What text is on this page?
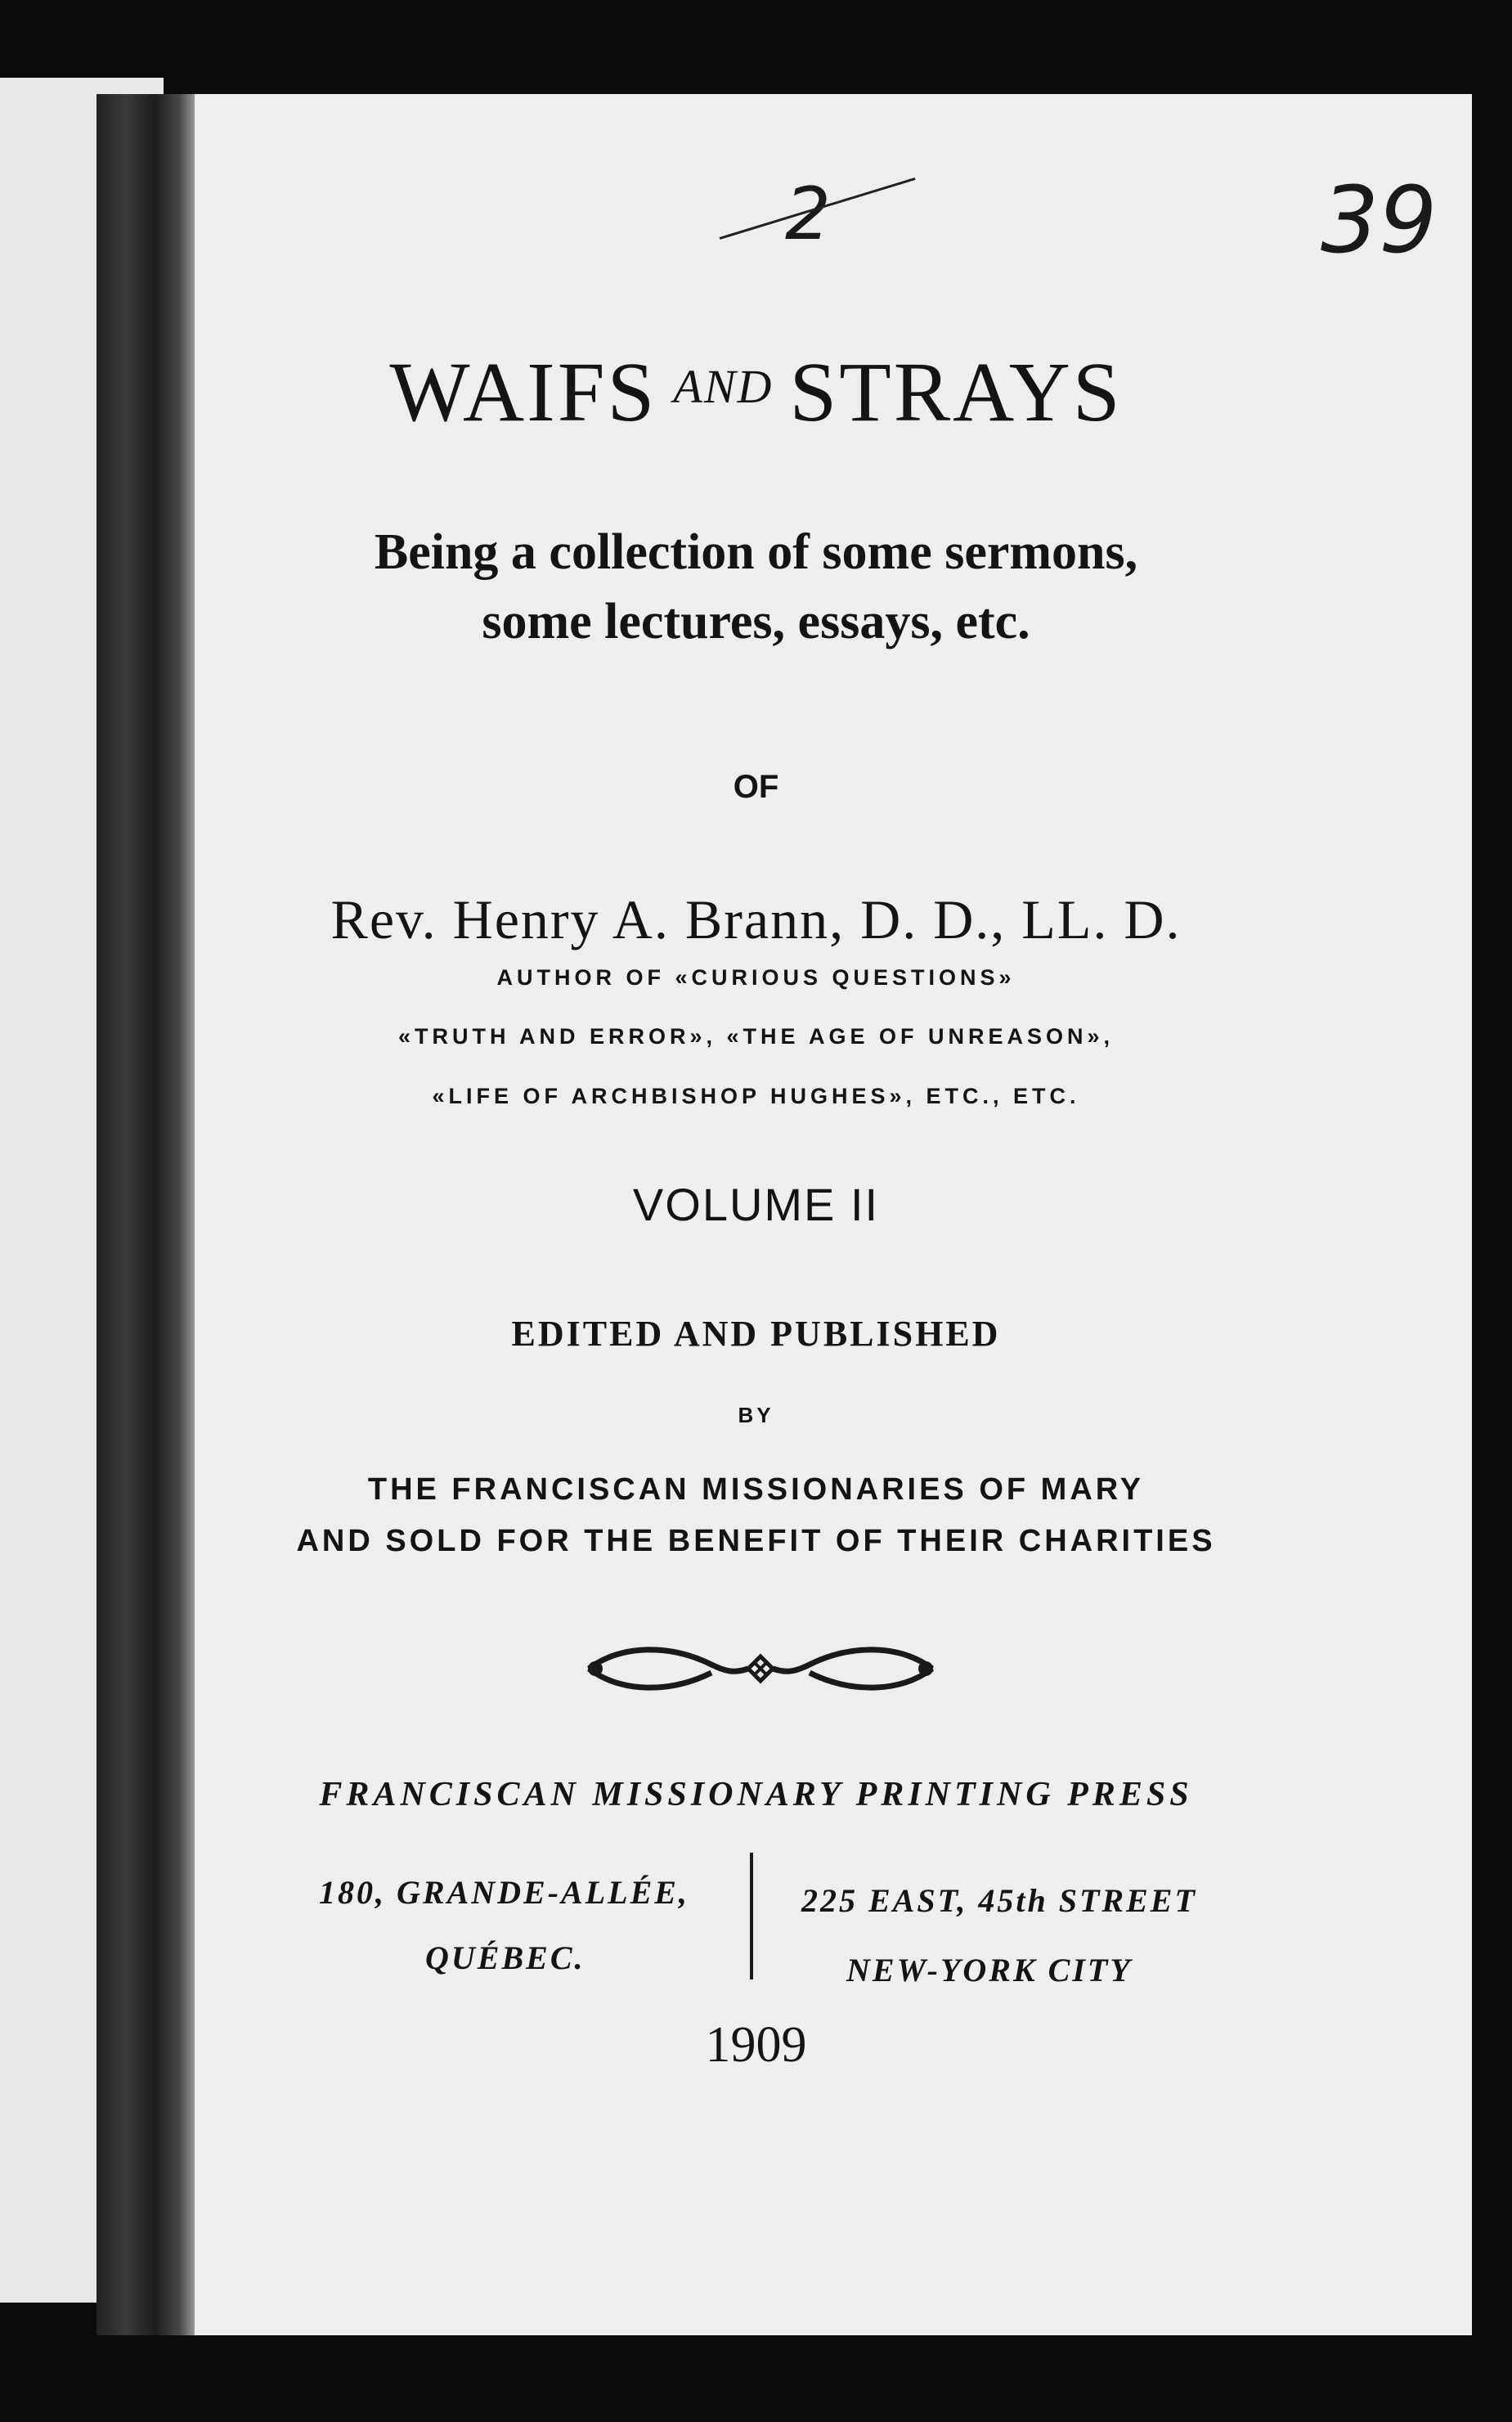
2	39
WAIFS $^{AND}$ STRAYS
Being a collection of some sermons,
some lectures, essays, etc.
OF
Rev. Henry A. Brann, D. D., LL. D.
AUTHOR OF «CURIOUS QUESTIONS»
«TRUTH AND ERROR», «THE AGE OF UNREASON»,
«LIFE OF ARCHBISHOP HUGHES», ETC., ETC.
VOLUME II
EDITED AND PUBLISHED
BY
THE FRANCISCAN MISSIONARIES OF MARY
AND SOLD FOR THE BENEFIT OF THEIR CHARITIES
FRANCISCAN MISSIONARY PRINTING PRESS
180, GRANDE-ALLÉE,
QUÉBEC.
225 EAST, 45th STREET
NEW-YORK CITY
1909
